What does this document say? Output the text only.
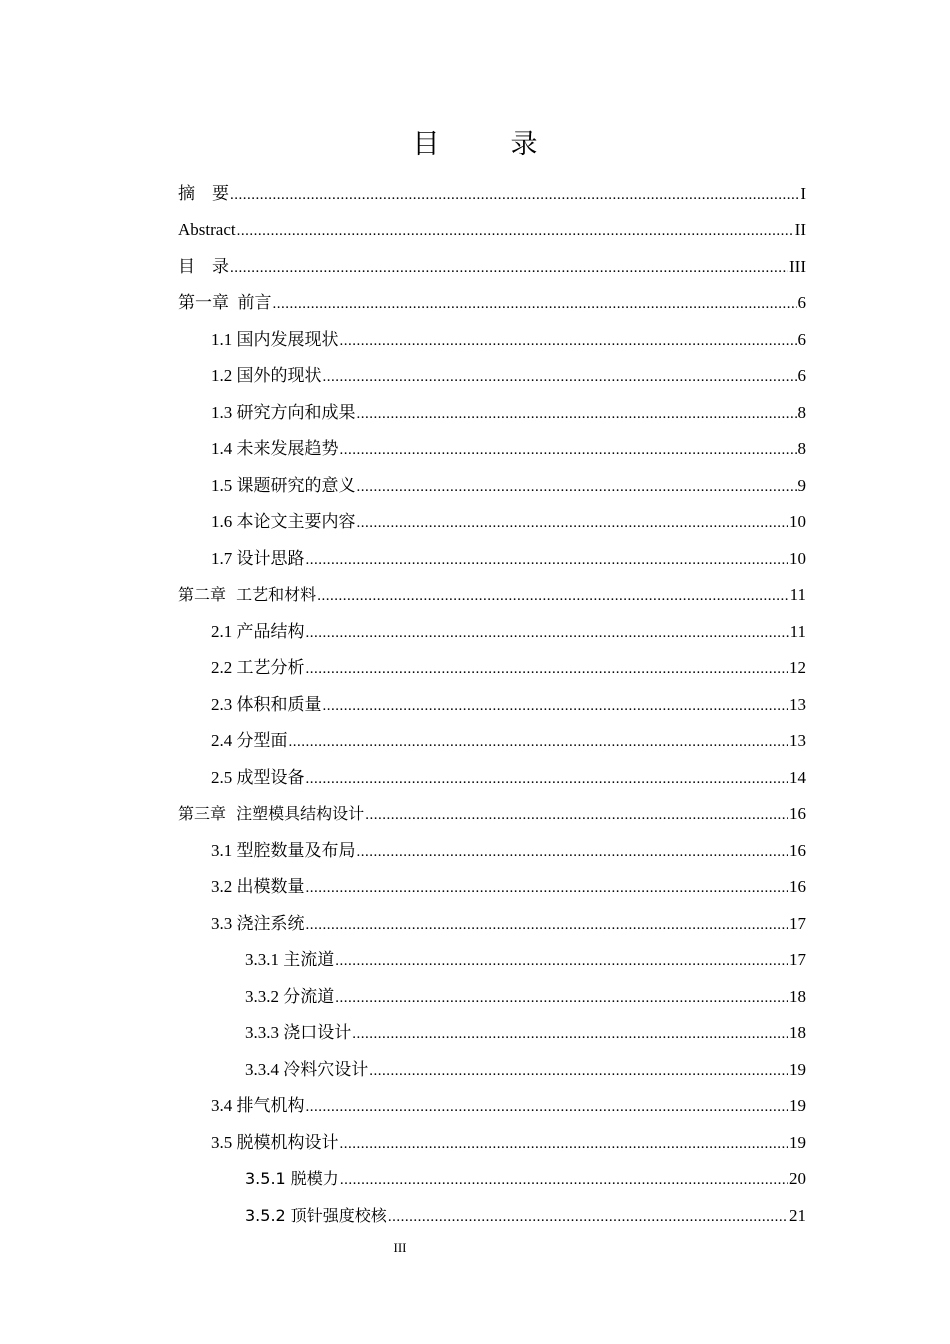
目　录
摘　要 .....	I
Abstract .....	II
目　录 .....	III
第一章  前言 .....	6
1.1 国内发展现状 .....	6
1.2 国外的现状 .....	6
1.3 研究方向和成果 .....	8
1.4 未来发展趋势 .....	8
1.5 课题研究的意义 .....	9
1.6 本论文主要内容 .....	10
1.7 设计思路 .....	10
第二章  工艺和材料 .....	11
2.1 产品结构 .....	11
2.2 工艺分析 .....	12
2.3 体积和质量 .....	13
2.4 分型面 .....	13
2.5 成型设备 .....	14
第三章  注塑模具结构设计 .....	16
3.1 型腔数量及布局 .....	16
3.2 出模数量 .....	16
3.3 浇注系统 .....	17
3.3.1 主流道 .....	17
3.3.2 分流道 .....	18
3.3.3 浇口设计 .....	18
3.3.4 冷料穴设计 .....	19
3.4 排气机构 .....	19
3.5 脱模机构设计 .....	19
3.5.1 脱模力 .....	20
3.5.2 顶针强度校核 .....	21
III
